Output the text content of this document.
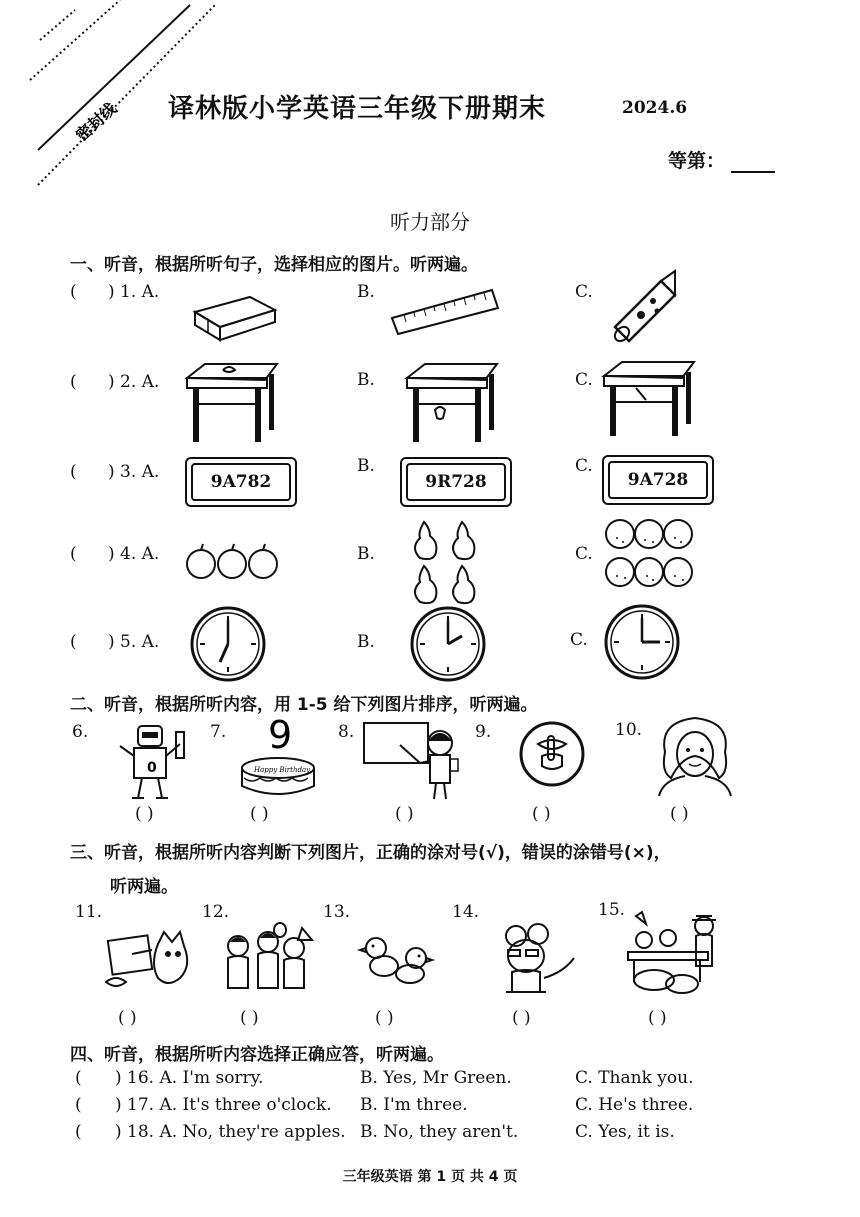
密封线 译林版小学英语三年级下册期末	2024.6
等第：
听力部分
一、听音，根据所听句子，选择相应的图片。听两遍。
( ) 1. A.	B.	C.
( ) 2. A.	B.	C.
( ) 3. A.	B.	C.
9A782	9R728	9A728
( ) 4. A.	B.	C.
( ) 5. A.	B.	C.
二、听音，根据所听内容，用 1-5 给下列图片排序，听两遍。
6.	7.	8.	9.	10.
0
9
Happy Birthday
( )	( )	( )	( )	( )
三、听音，根据所听内容判断下列图片，正确的涂对号(√)，错误的涂错号(×)，
听两遍。
11.	12.	13.	14.	15.
( )	( )	( )	( )	( )
四、听音，根据所听内容选择正确应答，听两遍。
( ) 16. A. I'm sorry.	B. Yes, Mr Green.	C. Thank you.
( ) 17. A. It's three o'clock. B. I'm three.	C. He's three.
( ) 18. A. No, they're apples. B. No, they aren't.	C. Yes, it is.
三年级英语 第 1 页 共 4 页
